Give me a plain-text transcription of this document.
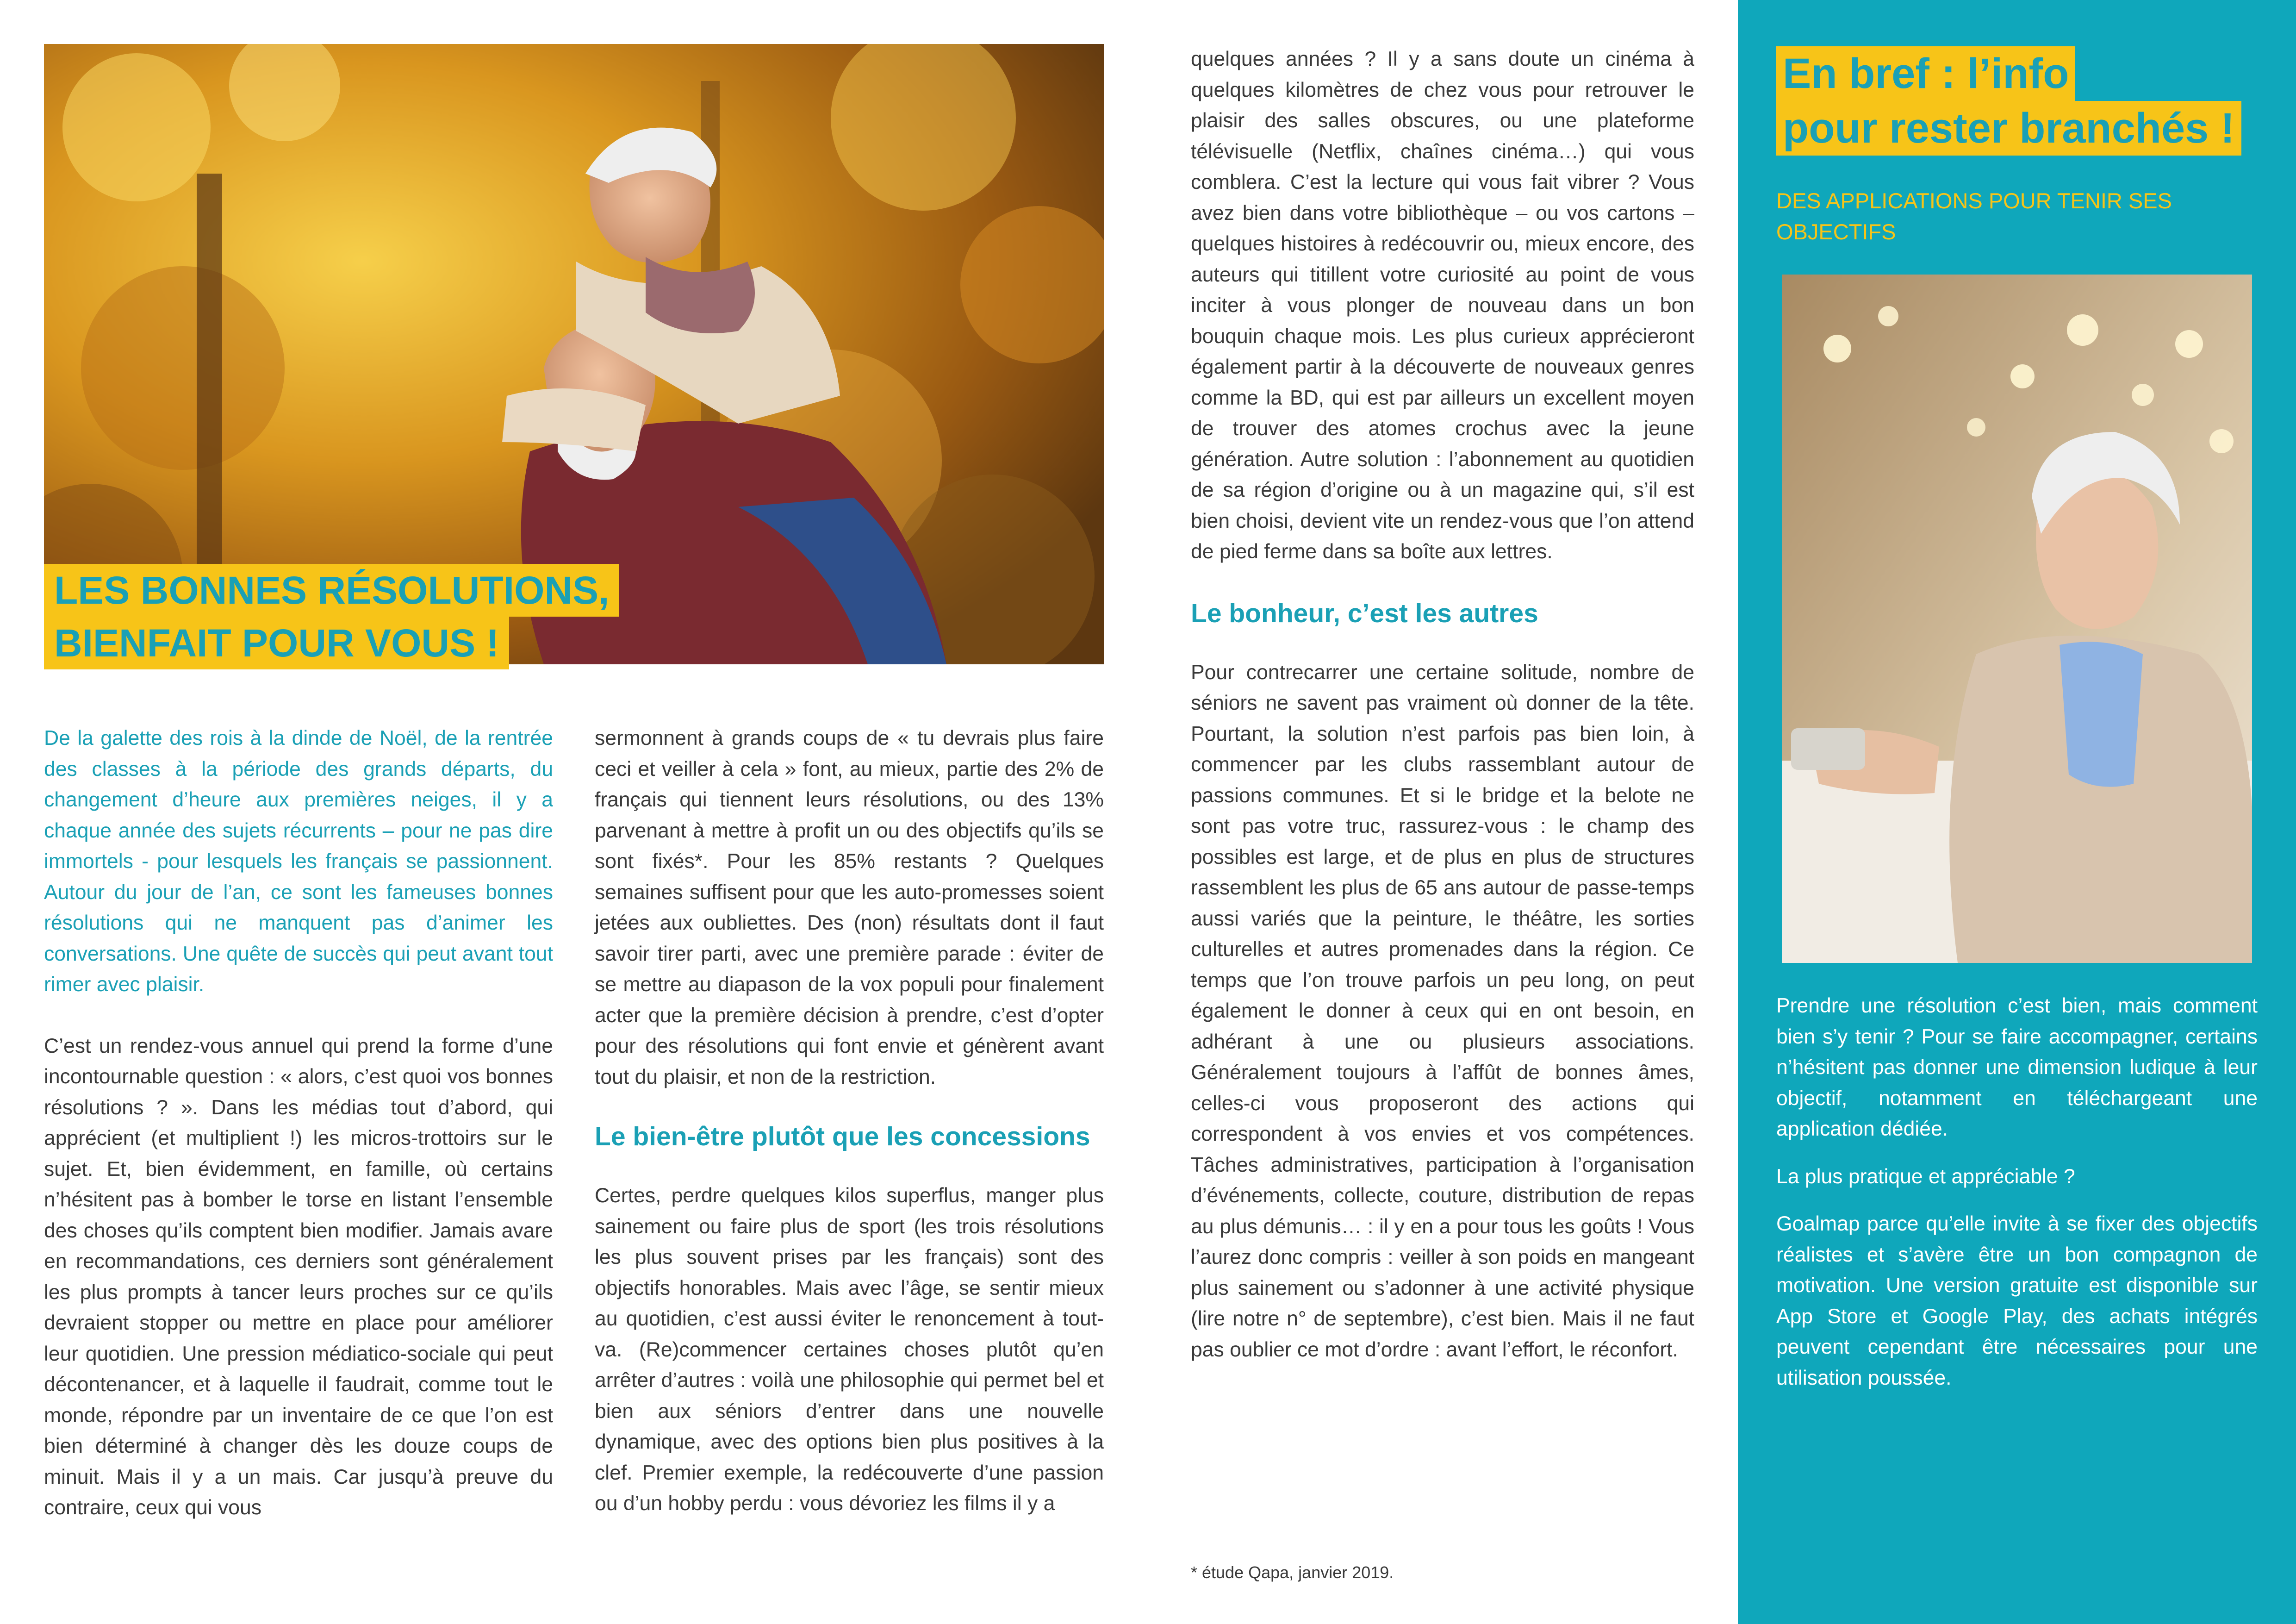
LES BONNES RÉSOLUTIONS,
BIENFAIT POUR VOUS !

De la galette des rois à la dinde de Noël, de la rentrée des classes à la période des grands départs, du changement d’heure aux premières neiges, il y a chaque année des sujets récurrents – pour ne pas dire immortels - pour lesquels les français se passionnent. Autour du jour de l’an, ce sont les fameuses bonnes résolutions qui ne manquent pas d’animer les conversations. Une quête de succès qui peut avant tout rimer avec plaisir.

C’est un rendez-vous annuel qui prend la forme d’une incontournable question : « alors, c’est quoi vos bonnes résolutions ? ». Dans les médias tout d’abord, qui apprécient (et multiplient !) les micros-trottoirs sur le sujet. Et, bien évidemment, en famille, où certains n’hésitent pas à bomber le torse en listant l’ensemble des choses qu’ils comptent bien modifier. Jamais avare en recommandations, ces derniers sont généralement les plus prompts à tancer leurs proches sur ce qu’ils devraient stopper ou mettre en place pour améliorer leur quotidien. Une pression médiatico-sociale qui peut décontenancer, et à laquelle il faudrait, comme tout le monde, répondre par un inventaire de ce que l’on est bien déterminé à changer dès les douze coups de minuit. Mais il y a un mais. Car jusqu’à preuve du contraire, ceux qui vous

sermonnent à grands coups de « tu devrais plus faire ceci et veiller à cela » font, au mieux, partie des 2% de français qui tiennent leurs résolutions, ou des 13% parvenant à mettre à profit un ou des objectifs qu’ils se sont fixés*. Pour les 85% restants ? Quelques semaines suffisent pour que les auto-promesses soient jetées aux oubliettes. Des (non) résultats dont il faut savoir tirer parti, avec une première parade : éviter de se mettre au diapason de la vox populi pour finalement acter que la première décision à prendre, c’est d’opter pour des résolutions qui font envie et génèrent avant tout du plaisir, et non de la restriction.

Le bien-être plutôt que les concessions

Certes, perdre quelques kilos superflus, manger plus sainement ou faire plus de sport (les trois résolutions les plus souvent prises par les français) sont des objectifs honorables. Mais avec l’âge, se sentir mieux au quotidien, c’est aussi éviter le renoncement à tout-va. (Re)commencer certaines choses plutôt qu’en arrêter d’autres : voilà une philosophie qui permet bel et bien aux séniors d’entrer dans une nouvelle dynamique, avec des options bien plus positives à la clef. Premier exemple, la redécouverte d’une passion ou d’un hobby perdu : vous dévoriez les films il y a

quelques années ? Il y a sans doute un cinéma à quelques kilomètres de chez vous pour retrouver le plaisir des salles obscures, ou une plateforme télévisuelle (Netflix, chaînes cinéma…) qui vous comblera. C’est la lecture qui vous fait vibrer ? Vous avez bien dans votre bibliothèque – ou vos cartons – quelques histoires à redécouvrir ou, mieux encore, des auteurs qui titillent votre curiosité au point de vous inciter à vous plonger de nouveau dans un bon bouquin chaque mois. Les plus curieux apprécieront également partir à la découverte de nouveaux genres comme la BD, qui est par ailleurs un excellent moyen de trouver des atomes crochus avec la jeune génération. Autre solution : l’abonnement au quotidien de sa région d’origine ou à un magazine qui, s’il est bien choisi, devient vite un rendez-vous que l’on attend de pied ferme dans sa boîte aux lettres.

Le bonheur, c’est les autres

Pour contrecarrer une certaine solitude, nombre de séniors ne savent pas vraiment où donner de la tête. Pourtant, la solution n’est parfois pas bien loin, à commencer par les clubs rassemblant autour de passions communes. Et si le bridge et la belote ne sont pas votre truc, rassurez-vous : le champ des possibles est large, et de plus en plus de structures rassemblent les plus de 65 ans autour de passe-temps aussi variés que la peinture, le théâtre, les sorties culturelles et autres promenades dans la région. Ce temps que l’on trouve parfois un peu long, on peut également le donner à ceux qui en ont besoin, en adhérant à une ou plusieurs associations. Généralement toujours à l’affût de bonnes âmes, celles-ci vous proposeront des actions qui correspondent à vos envies et vos compétences. Tâches administratives, participation à l’organisation d’événements, collecte, couture, distribution de repas au plus démunis… : il y en a pour tous les goûts ! Vous l’aurez donc compris : veiller à son poids en mangeant plus sainement ou s’adonner à une activité physique (lire notre n° de septembre), c’est bien. Mais il ne faut pas oublier ce mot d’ordre : avant l’effort, le réconfort.

* étude Qapa, janvier 2019.
En bref : l’info
pour rester branchés !
DES APPLICATIONS POUR TENIR SES OBJECTIFS

Prendre une résolution c’est bien, mais comment bien s’y tenir ? Pour se faire accompagner, certains n’hésitent pas donner une dimension ludique à leur objectif, notamment en téléchargeant une application dédiée.

La plus pratique et appréciable ?

Goalmap parce qu’elle invite à se fixer des objectifs réalistes et s’avère être un bon compagnon de motivation. Une version gratuite est disponible sur App Store et Google Play, des achats intégrés peuvent cependant être nécessaires pour une utilisation poussée.
